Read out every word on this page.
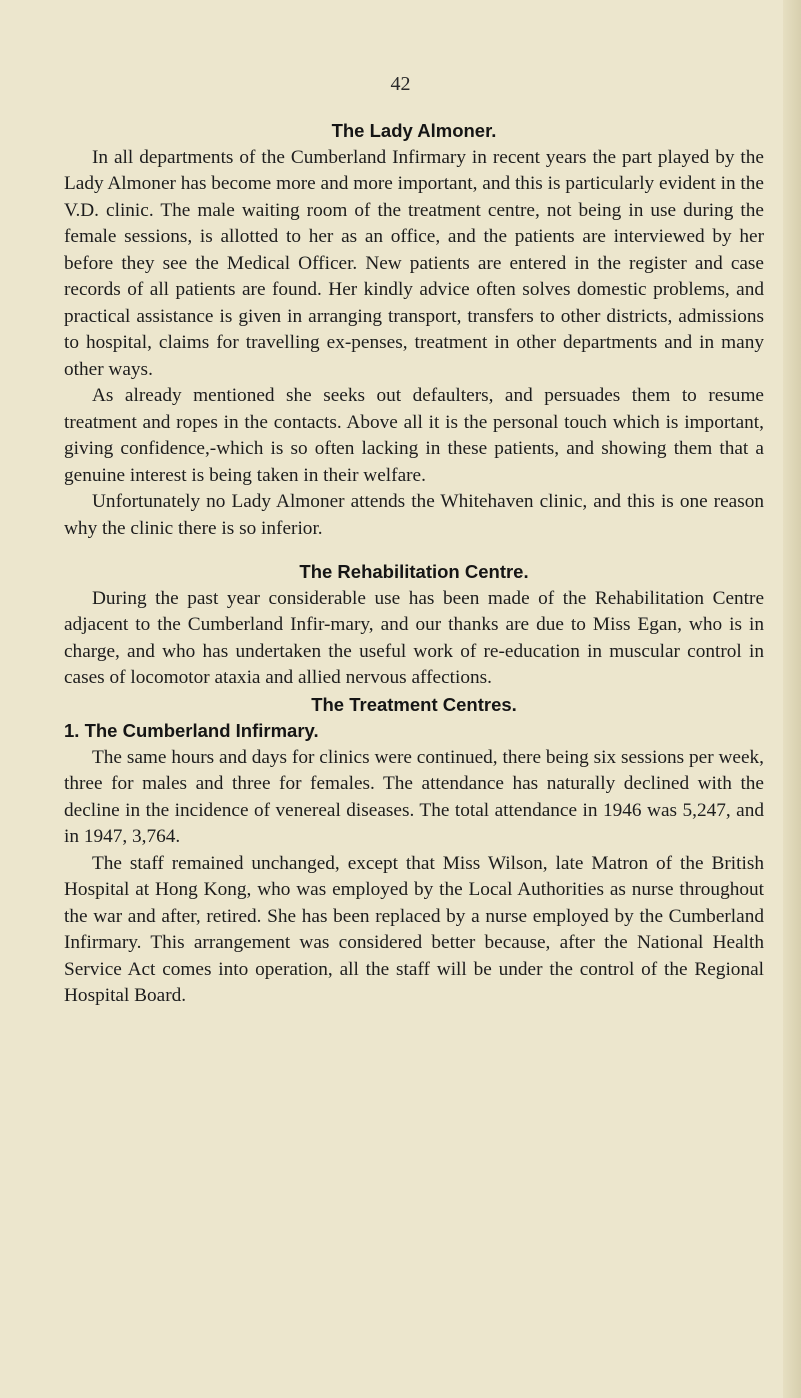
42
The Lady Almoner.

In all departments of the Cumberland Infirmary in recent years the part played by the Lady Almoner has become more and more important, and this is particularly evident in the V.D. clinic. The male waiting room of the treatment centre, not being in use during the female sessions, is allotted to her as an office, and the patients are interviewed by her before they see the Medical Officer. New patients are entered in the register and case records of all patients are found. Her kindly advice often solves domestic problems, and practical assistance is given in arranging transport, transfers to other districts, admissions to hospital, claims for travelling ex-penses, treatment in other departments and in many other ways.

As already mentioned she seeks out defaulters, and persuades them to resume treatment and ropes in the contacts. Above all it is the personal touch which is important, giving confidence,-which is so often lacking in these patients, and showing them that a genuine interest is being taken in their welfare.

Unfortunately no Lady Almoner attends the Whitehaven clinic, and this is one reason why the clinic there is so inferior.

The Rehabilitation Centre.

During the past year considerable use has been made of the Rehabilitation Centre adjacent to the Cumberland Infir-mary, and our thanks are due to Miss Egan, who is in charge, and who has undertaken the useful work of re-education in muscular control in cases of locomotor ataxia and allied nervous affections.

The Treatment Centres.
1. The Cumberland Infirmary.

The same hours and days for clinics were continued, there being six sessions per week, three for males and three for females. The attendance has naturally declined with the decline in the incidence of venereal diseases. The total attendance in 1946 was 5,247, and in 1947, 3,764.

The staff remained unchanged, except that Miss Wilson, late Matron of the British Hospital at Hong Kong, who was employed by the Local Authorities as nurse throughout the war and after, retired. She has been replaced by a nurse employed by the Cumberland Infirmary. This arrangement was considered better because, after the National Health Service Act comes into operation, all the staff will be under the control of the Regional Hospital Board.
